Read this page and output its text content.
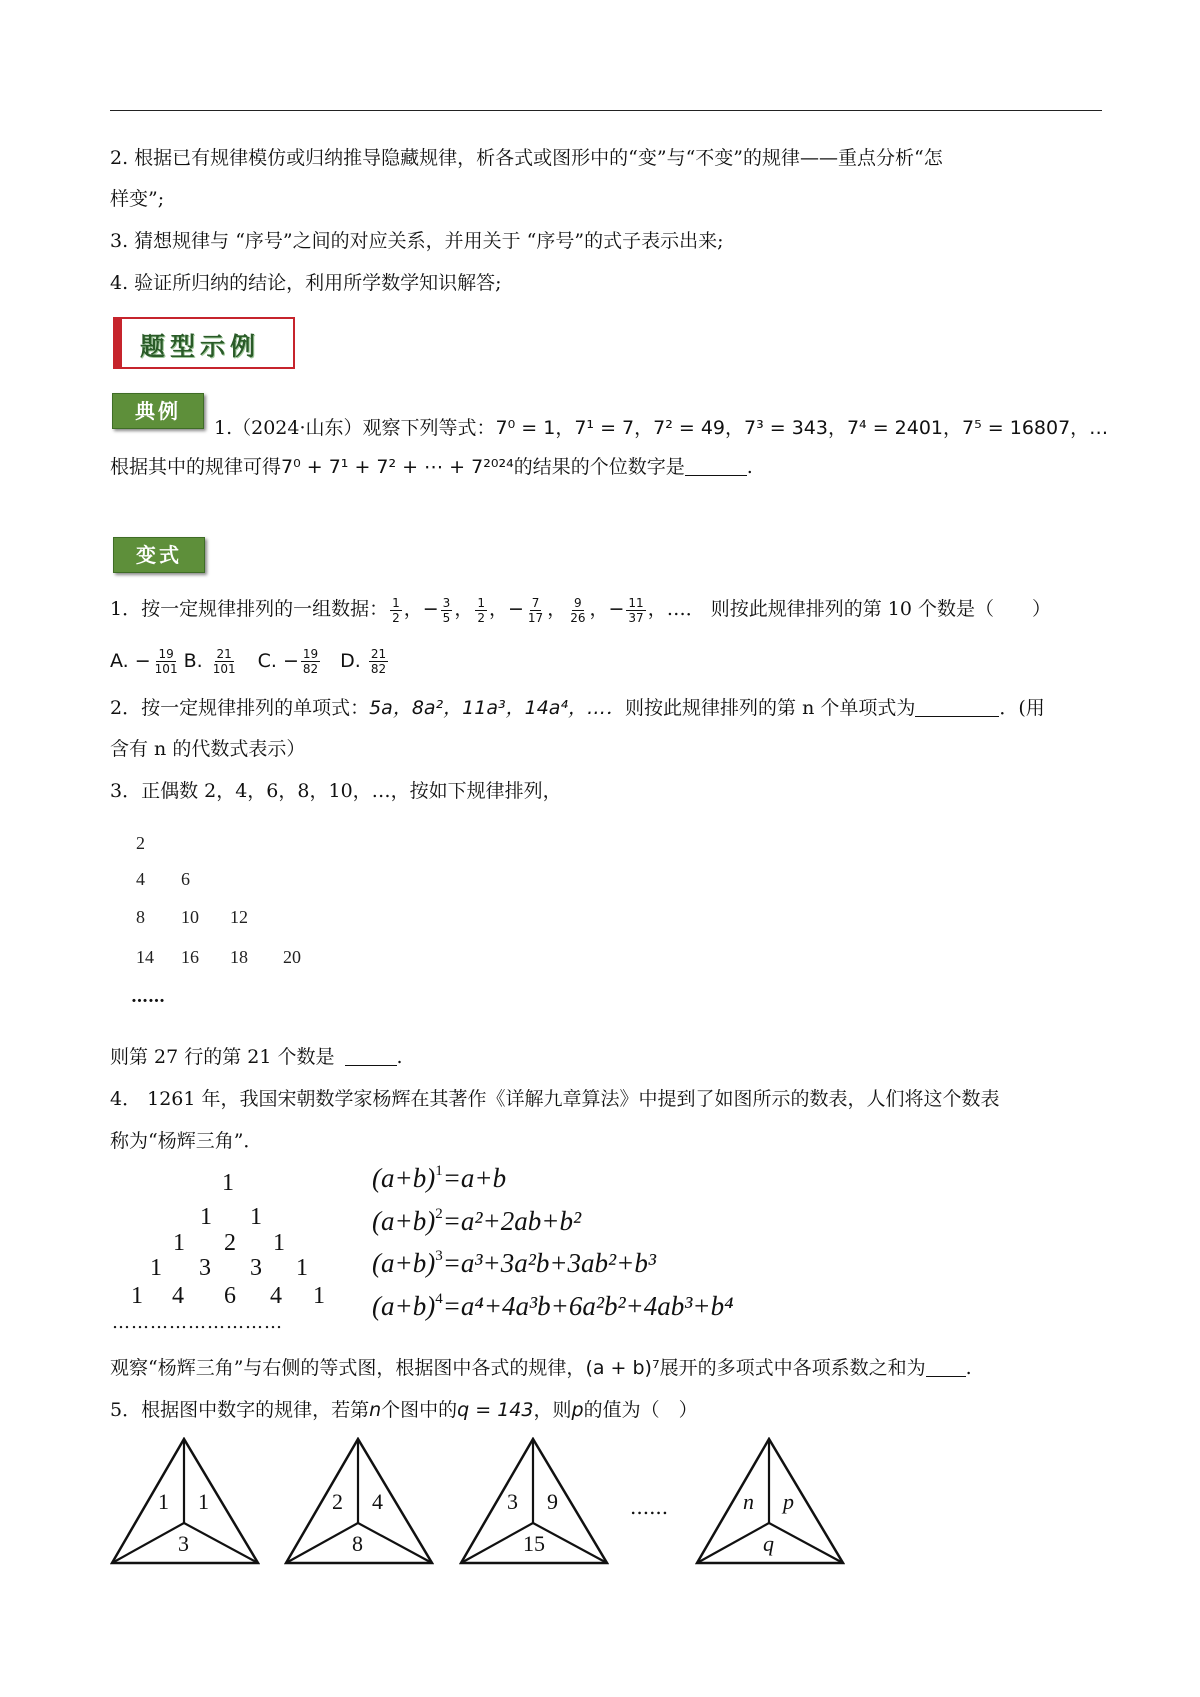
2. 根据已有规律模仿或归纳推导隐藏规律，析各式或图形中的“变”与“不变”的规律——重点分析“怎
样变”;
3. 猜想规律与 “序号”之间的对应关系，并用关于 “序号”的式子表示出来;
4. 验证所归纳的结论，利用所学数学知识解答;
题型示例
典例
1.（2024·山东）观察下列等式：7⁰ = 1，7¹ = 7，7² = 49，7³ = 343，7⁴ = 2401，7⁵ = 16807，…
根据其中的规律可得7⁰ + 7¹ + 7² + ⋯ + 7²⁰²⁴的结果的个位数字是	.
变式
1．按一定规律排列的一组数据： $\frac{1}{2}$ ，− $\frac{3}{5}$ ， $\frac{1}{2}$ ，− $\frac{7}{17}$ ， $\frac{9}{26}$ ，− $\frac{11}{37}$ ，…． 则按此规律排列的第 10 个数是（　　）
A. − $\frac{19}{101} B$. $\frac{21}{101} C$. − $\frac{19}{82} D$. $\frac{21}{82}$
2．按一定规律排列的单项式：5a，8a²，11a³，14a⁴，…．则按此规律排列的第 n 个单项式为	．(用
含有 n 的代数式表示）
3．正偶数 2，4，6，8，10，…，按如下规律排列，
2
4 6
8 10 12
14 16 18 20
……
则第 27 行的第 21 个数是	.
4． 1261 年，我国宋朝数学家杨辉在其著作《详解九章算法》中提到了如图所示的数表，人们将这个数表
称为“杨辉三角”．
1
1 1
1 2 1
1 3 3 1
1 4 6 4 1
………………………
$(a+b)^1=a+b$
$(a+b)^2=a^2+2ab+b^2$
$(a+b)^3=a^3+3a^2b+3ab^2+b^3$
$(a+b)^4=a^4+4a^3b+6a^2b^2+4ab^3+b^4$
观察“杨辉三角”与右侧的等式图，根据图中各式的规律，(a + b)⁷展开的多项式中各项系数之和为 .
5．根据图中数字的规律，若第n个图中的q = 143，则p的值为（　）
1 1
3
2 4
8
3 9
15
n p
q
......
